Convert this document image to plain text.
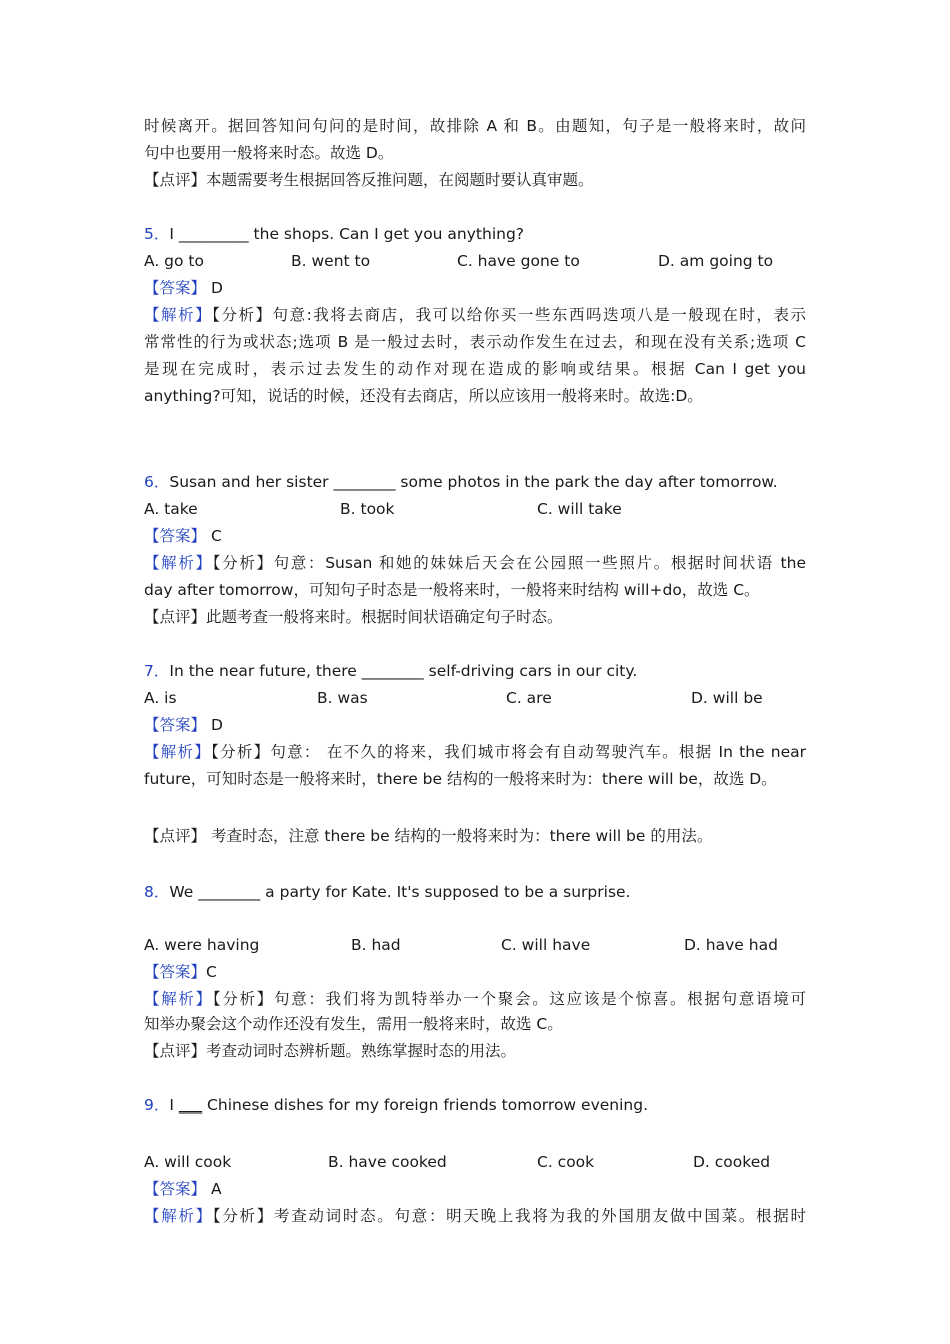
时候离开。据回答知问句问的是时间，故排除 A 和 B。由题知，句子是一般将来时，故问
句中也要用一般将来时态。故选 D。
【点评】本题需要考生根据回答反推问题，在阅题时要认真审题。
5．I _________ the shops. Can I get you anything?
A. go to	B. went to	C. have gone to	D. am going to
【答案】 D
【解析】【分析】句意:我将去商店，我可以给你买一些东西吗迭项八是一般现在时，表示
常常性的行为或状态;选项 B 是一般过去时，表示动作发生在过去，和现在没有关系;选项 C
是现在完成时，表示过去发生的动作对现在造成的影响或结果。根据 Can I get you
anything?可知，说话的时候，还没有去商店，所以应该用一般将来时。故选:D。
6．Susan and her sister ________ some photos in the park the day after tomorrow.
A. take	B. took	C. will take
【答案】 C
【解析】【分析】句意：Susan 和她的妹妹后天会在公园照一些照片。根据时间状语 the
day after tomorrow，可知句子时态是一般将来时，一般将来时结构 will+do，故选 C。
【点评】此题考查一般将来时。根据时间状语确定句子时态。
7．In the near future, there ________ self-driving cars in our city.
A. is	B. was	C. are	D. will be
【答案】 D
【解析】【分析】句意： 在不久的将来，我们城市将会有自动驾驶汽车。根据 In the near
future，可知时态是一般将来时，there be 结构的一般将来时为：there will be，故选 D。
【点评】 考查时态，注意 there be 结构的一般将来时为：there will be 的用法。
8．We ________ a party for Kate. It's supposed to be a surprise.
A. were having	B. had	C. will have	D. have had
【答案】C
【解析】【分析】句意：我们将为凯特举办一个聚会。这应该是个惊喜。根据句意语境可
知举办聚会这个动作还没有发生，需用一般将来时，故选 C。
【点评】考查动词时态辨析题。熟练掌握时态的用法。
9．I ___ Chinese dishes for my foreign friends tomorrow evening.
A. will cook	B. have cooked	C. cook	D. cooked
【答案】 A
【解析】【分析】考查动词时态。句意：明天晚上我将为我的外国朋友做中国菜。根据时
